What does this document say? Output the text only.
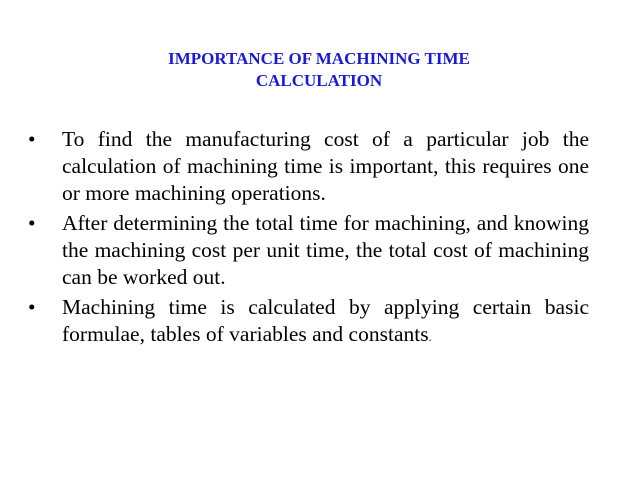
IMPORTANCE OF MACHINING TIME
CALCULATION
•	To find the manufacturing cost of a particular job the calculation of machining time is important, this requires one or more machining operations.
•	After determining the total time for machining, and knowing the machining cost per unit time, the total cost of machining can be worked out.
•	Machining time is calculated by applying certain basic formulae, tables of variables and constants.
